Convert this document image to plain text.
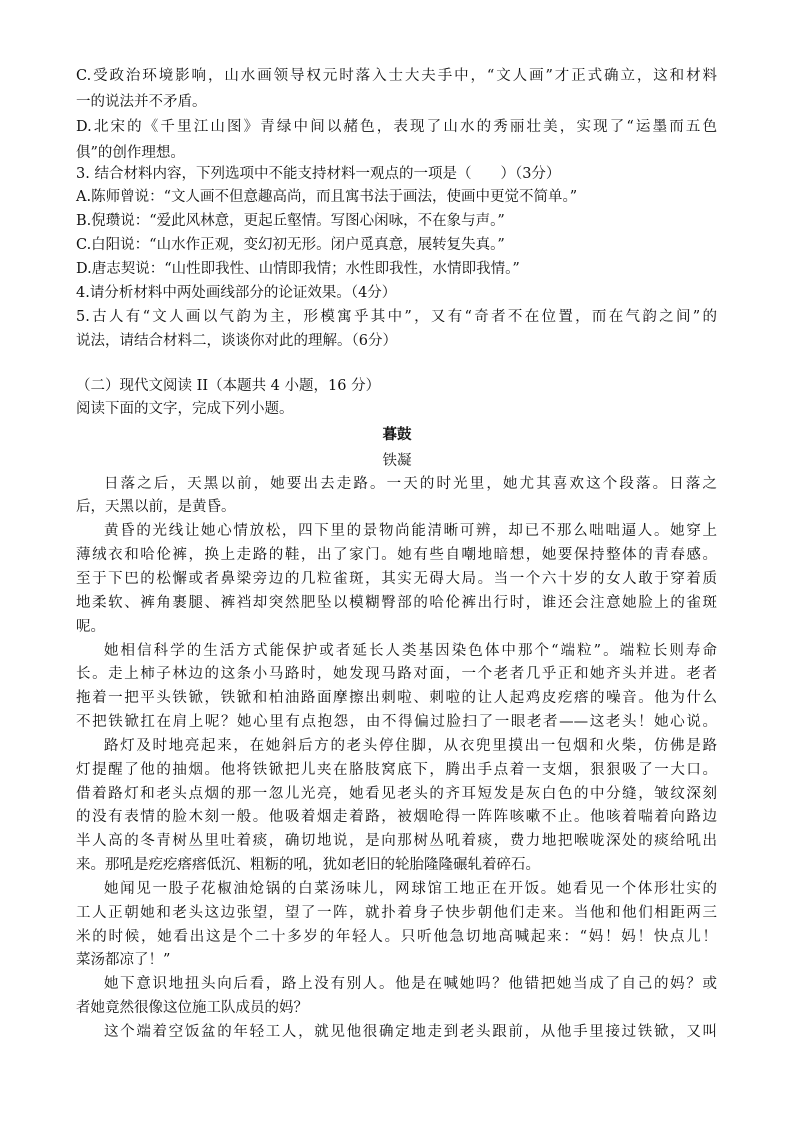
C.受政治环境影响，山水画领导权元时落入士大夫手中，“文人画”才正式确立，这和材料
一的说法并不矛盾。
D.北宋的《千里江山图》青绿中间以赭色，表现了山水的秀丽壮美，实现了“运墨而五色
俱”的创作理想。
3. 结合材料内容，下列选项中不能支持材料一观点的一项是（　　）（3分）
A.陈师曾说：“文人画不但意趣高尚，而且寓书法于画法，使画中更觉不简单。”
B.倪瓒说：“爱此风林意，更起丘壑情。写图心闲咏，不在象与声。”
C.白阳说：“山水作正观，变幻初无形。闭户觅真意，展转复失真。”
D.唐志契说：“山性即我性、山情即我情；水性即我性，水情即我情。”
4.请分析材料中两处画线部分的论证效果。（4分）
5.古人有“文人画以气韵为主，形模寓乎其中”，又有“奇者不在位置，而在气韵之间”的
说法，请结合材料二，谈谈你对此的理解。（6分）
（二）现代文阅读 II（本题共 4 小题，16 分）
阅读下面的文字，完成下列小题。
暮鼓
铁凝
日落之后，天黑以前，她要出去走路。一天的时光里，她尤其喜欢这个段落。日落之
后，天黑以前，是黄昏。
黄昏的光线让她心情放松，四下里的景物尚能清晰可辨，却已不那么咄咄逼人。她穿上
薄绒衣和哈伦裤，换上走路的鞋，出了家门。她有些自嘲地暗想，她要保持整体的青春感。
至于下巴的松懈或者鼻梁旁边的几粒雀斑，其实无碍大局。当一个六十岁的女人敢于穿着质
地柔软、裤角裹腿、裤裆却突然肥坠以模糊臀部的哈伦裤出行时，谁还会注意她脸上的雀斑
呢。
她相信科学的生活方式能保护或者延长人类基因染色体中那个“端粒”。端粒长则寿命
长。走上柿子林边的这条小马路时，她发现马路对面，一个老者几乎正和她齐头并进。老者
拖着一把平头铁锨，铁锨和柏油路面摩擦出刺啦、刺啦的让人起鸡皮疙瘩的噪音。他为什么
不把铁锨扛在肩上呢？她心里有点抱怨，由不得偏过脸扫了一眼老者——这老头！她心说。
路灯及时地亮起来，在她斜后方的老头停住脚，从衣兜里摸出一包烟和火柴，仿佛是路
灯提醒了他的抽烟。他将铁锨把儿夹在胳肢窝底下，腾出手点着一支烟，狠狠吸了一大口。
借着路灯和老头点烟的那一忽儿光亮，她看见老头的齐耳短发是灰白色的中分缝，皱纹深刻
的没有表情的脸木刻一般。他吸着烟走着路，被烟呛得一阵阵咳嗽不止。他咳着喘着向路边
半人高的冬青树丛里吐着痰，确切地说，是向那树丛吼着痰，费力地把喉咙深处的痰给吼出
来。那吼是疙疙瘩瘩低沉、粗粝的吼，犹如老旧的轮胎隆隆碾轧着碎石。
她闻见一股子花椒油炝锅的白菜汤味儿，网球馆工地正在开饭。她看见一个体形壮实的
工人正朝她和老头这边张望，望了一阵，就扑着身子快步朝他们走来。当他和他们相距两三
米的时候，她看出这是个二十多岁的年轻人。只听他急切地高喊起来：“妈！妈！快点儿！
菜汤都凉了！”
她下意识地扭头向后看，路上没有别人。他是在喊她吗？他错把她当成了自己的妈？或
者她竟然很像这位施工队成员的妈？
这个端着空饭盆的年轻工人，就见他很确定地走到老头跟前，从他手里接过铁锨，又叫
